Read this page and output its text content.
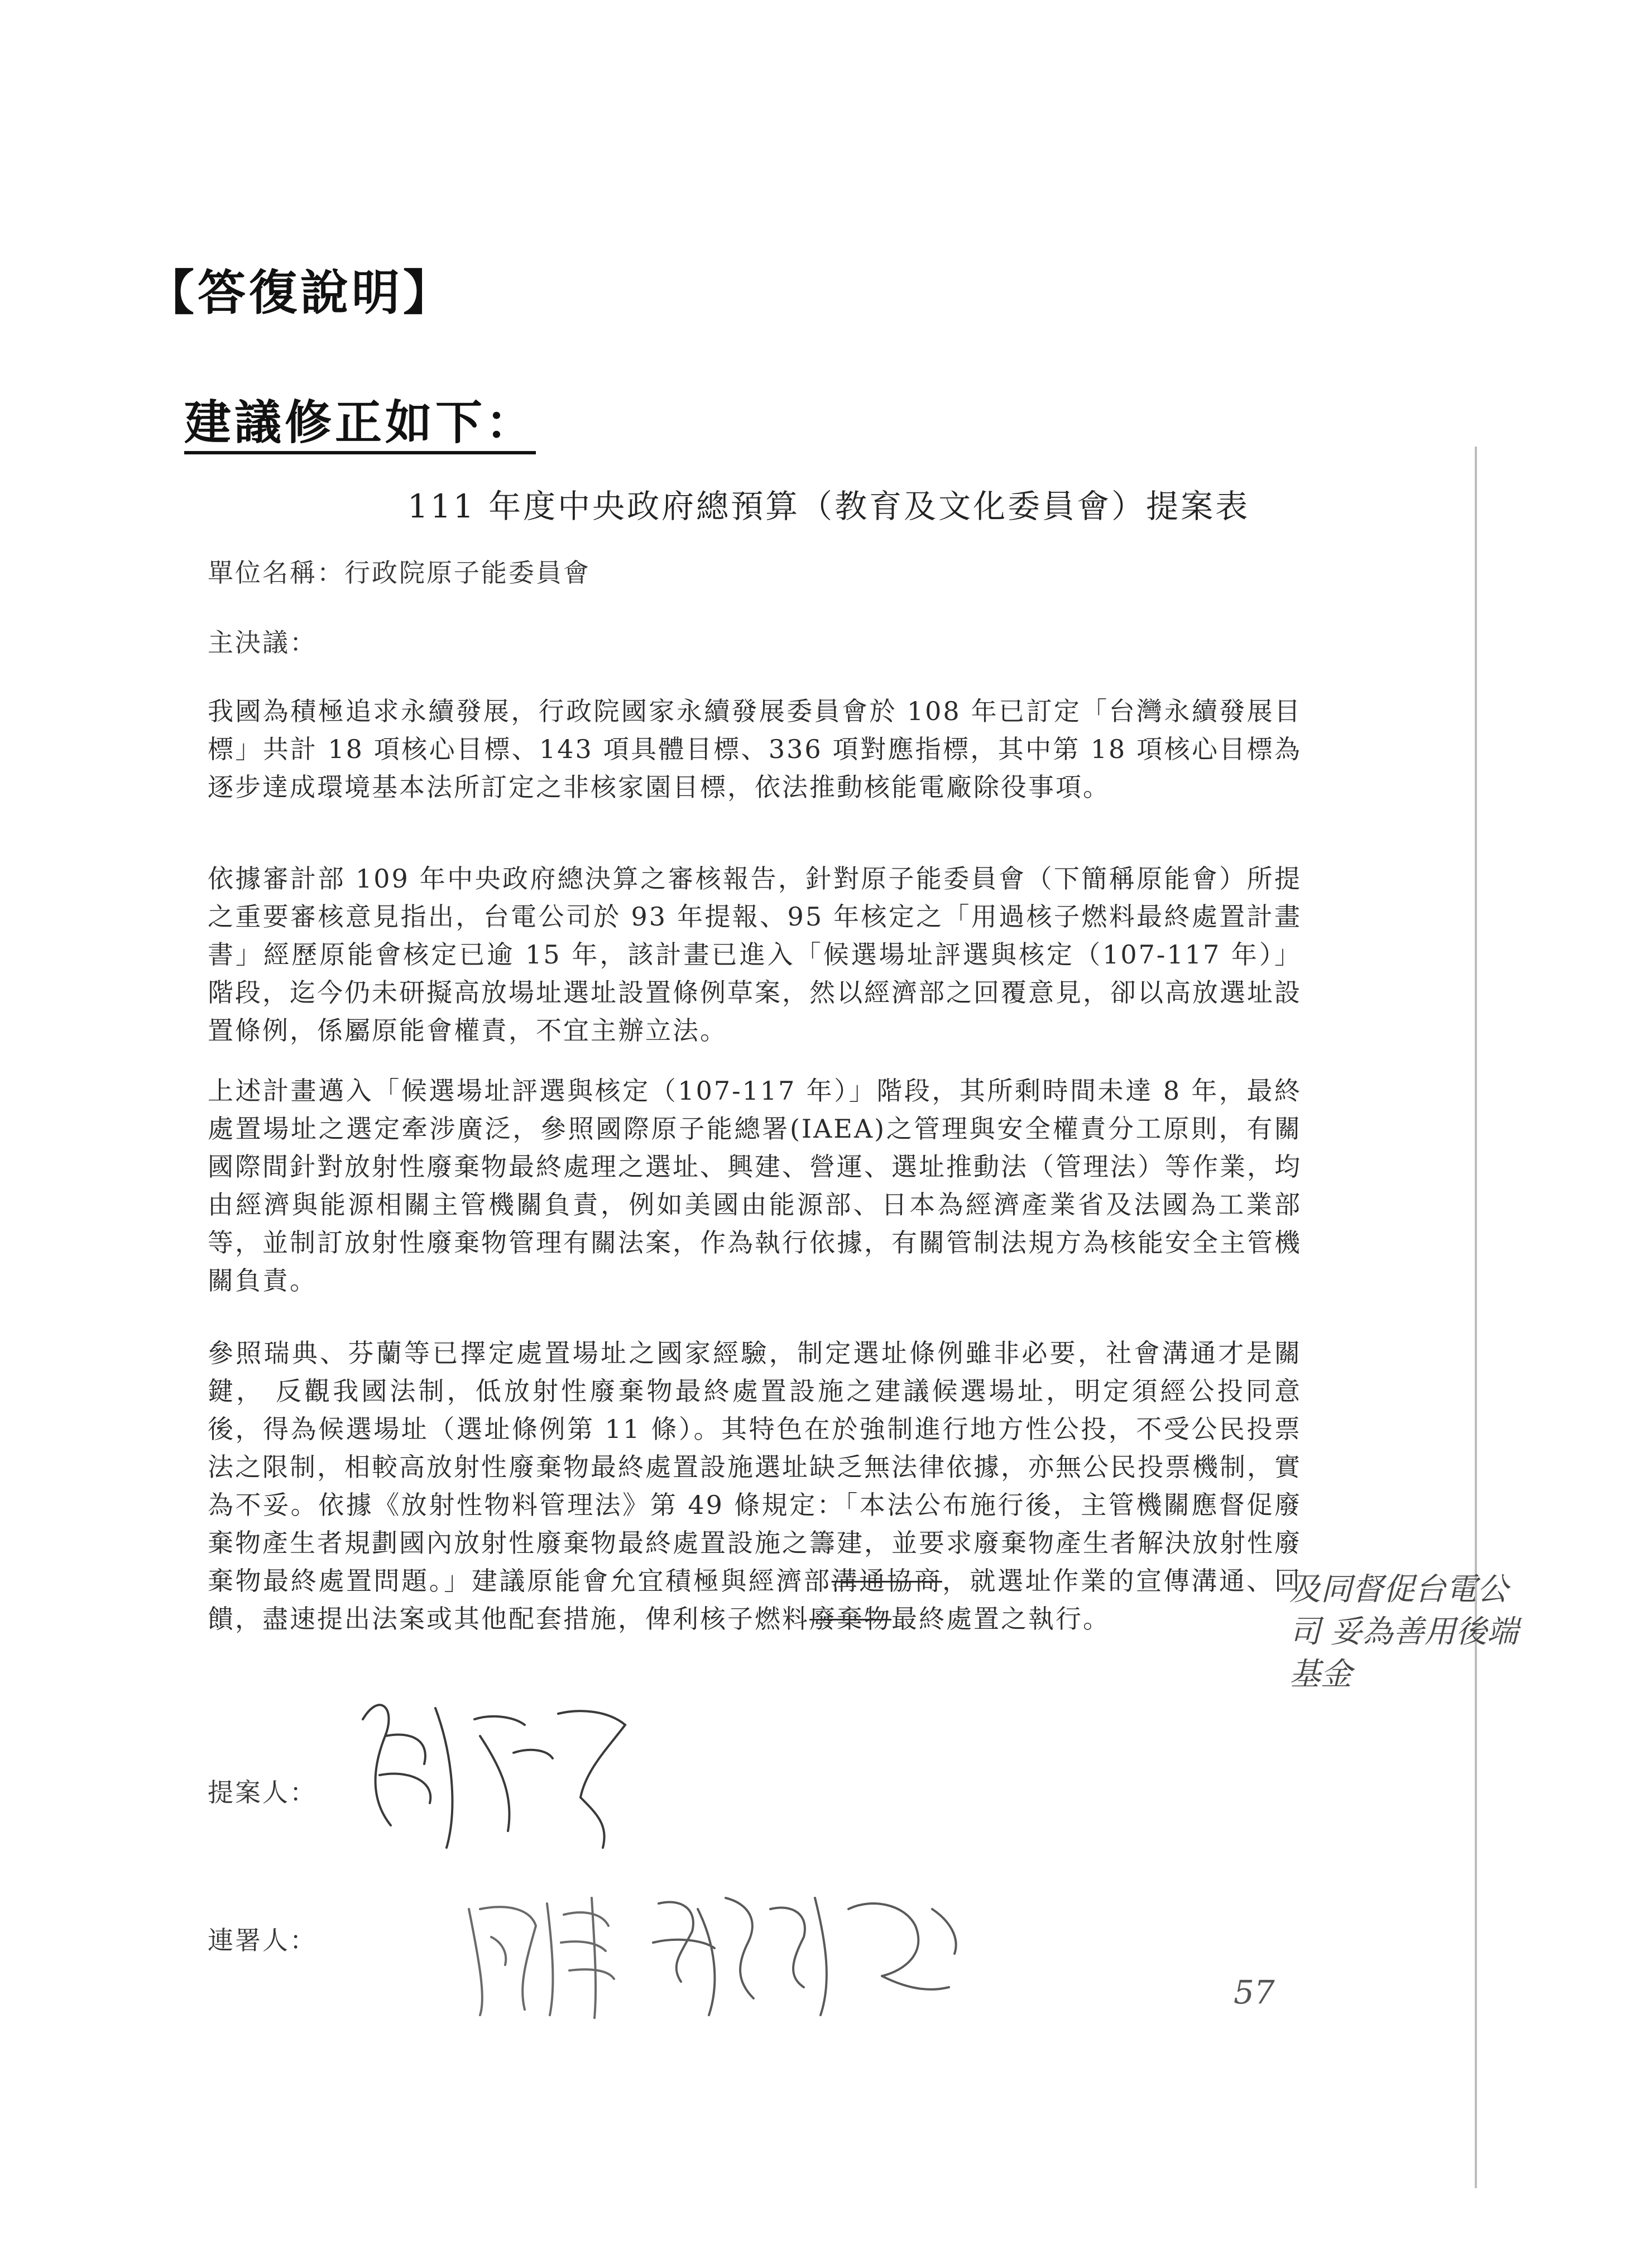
【答復說明】
建議修正如下：
111 年度中央政府總預算（教育及文化委員會）提案表
單位名稱：行政院原子能委員會
主決議：

我國為積極追求永續發展，行政院國家永續發展委員會於 108 年已訂定「台灣永續發展目標」共計 18 項核心目標、143 項具體目標、336 項對應指標，其中第 18 項核心目標為逐步達成環境基本法所訂定之非核家園目標，依法推動核能電廠除役事項。

依據審計部 109 年中央政府總決算之審核報告，針對原子能委員會（下簡稱原能會）所提之重要審核意見指出，台電公司於 93 年提報、95 年核定之「用過核子燃料最終處置計畫書」經歷原能會核定已逾 15 年，該計畫已進入「候選場址評選與核定（107-117 年）」階段，迄今仍未研擬高放場址選址設置條例草案，然以經濟部之回覆意見，卻以高放選址設置條例，係屬原能會權責，不宜主辦立法。

上述計畫邁入「候選場址評選與核定（107-117 年）」階段，其所剩時間未達 8 年，最終處置場址之選定牽涉廣泛，參照國際原子能總署(IAEA)之管理與安全權責分工原則，有關國際間針對放射性廢棄物最終處理之選址、興建、營運、選址推動法（管理法）等作業，均由經濟與能源相關主管機關負責，例如美國由能源部、日本為經濟產業省及法國為工業部等，並制訂放射性廢棄物管理有關法案，作為執行依據，有關管制法規方為核能安全主管機關負責。

參照瑞典、芬蘭等已擇定處置場址之國家經驗，制定選址條例雖非必要，社會溝通才是關鍵， 反觀我國法制，低放射性廢棄物最終處置設施之建議候選場址，明定須經公投同意後，得為候選場址（選址條例第 11 條）。其特色在於強制進行地方性公投，不受公民投票法之限制，相較高放射性廢棄物最終處置設施選址缺乏無法律依據，亦無公民投票機制，實為不妥。依據《放射性物料管理法》第 49 條規定：「本法公布施行後，主管機關應督促廢棄物產生者規劃國內放射性廢棄物最終處置設施之籌建，並要求廢棄物產生者解決放射性廢棄物最終處置問題。」建議原能會允宜積極與經濟部溝通協商，就選址作業的宣傳溝通、回饋，盡速提出法案或其他配套措施，俾利核子燃料廢棄物最終處置之執行。

及同督促台電公司 妥為善用後端基金
提案人：
連署人：
57
